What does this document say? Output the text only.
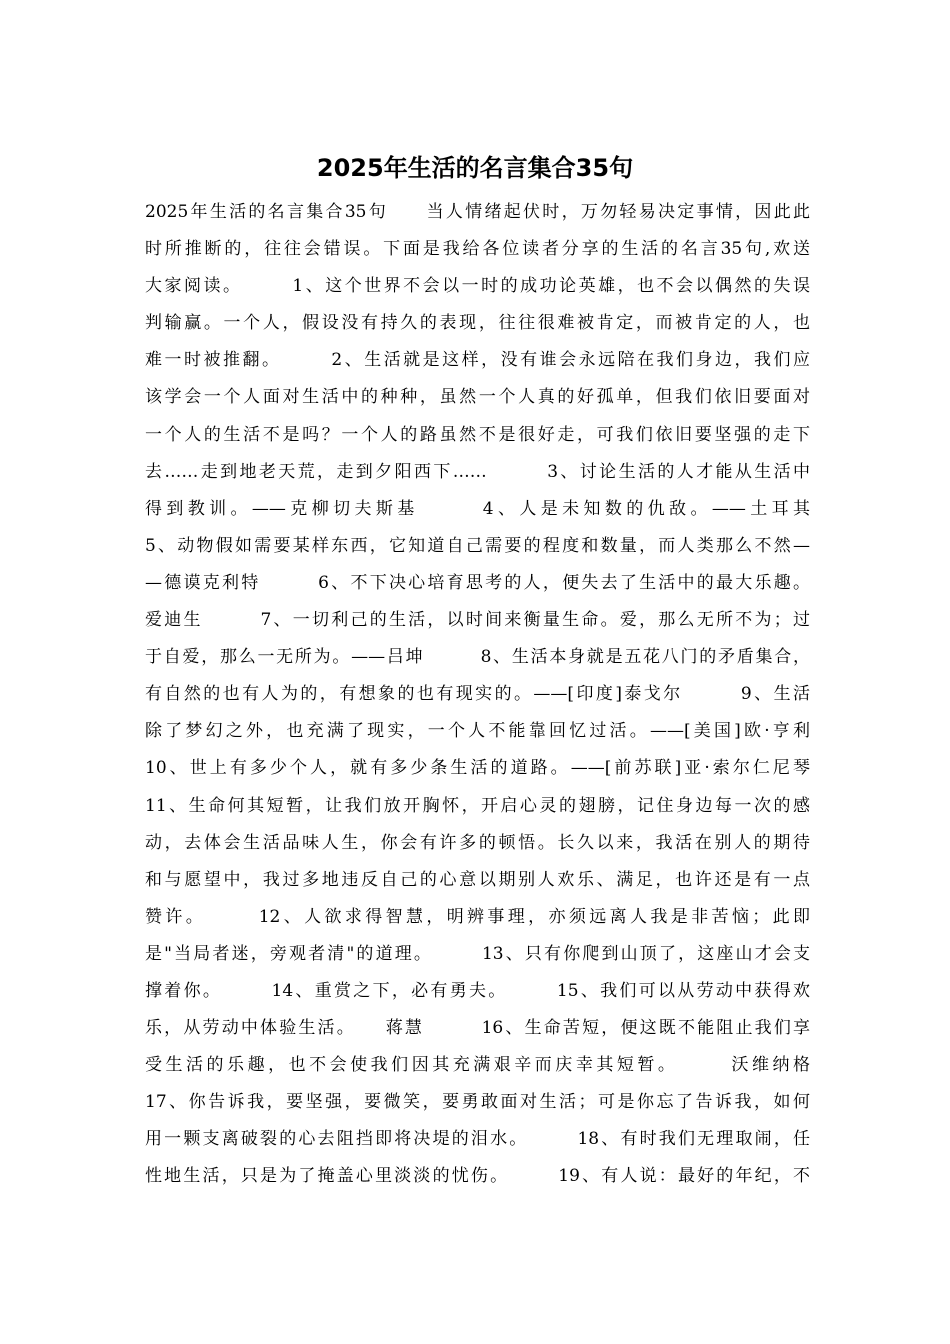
2025年生活的名言集合35句
2025年生活的名言集合35句　　当人情绪起伏时，万勿轻易决定事情，因此此
时所推断的，往往会错误。下面是我给各位读者分享的生活的名言35句,欢送
大家阅读。　　　1、这个世界不会以一时的成功论英雄，也不会以偶然的失误
判输赢。一个人，假设没有持久的表现，往往很难被肯定，而被肯定的人，也
难一时被推翻。　　　2、生活就是这样，没有谁会永远陪在我们身边，我们应
该学会一个人面对生活中的种种，虽然一个人真的好孤单，但我们依旧要面对
一个人的生活不是吗？一个人的路虽然不是很好走，可我们依旧要坚强的走下
去……走到地老天荒，走到夕阳西下……　　　3、讨论生活的人才能从生活中
得到教训。——克柳切夫斯基　　　4、人是未知数的仇敌。——土耳其
5、动物假如需要某样东西，它知道自己需要的程度和数量，而人类那么不然—
—德谟克利特　　　6、不下决心培育思考的人，便失去了生活中的最大乐趣。
爱迪生　　　7、一切利己的生活，以时间来衡量生命。爱，那么无所不为；过
于自爱，那么一无所为。——吕坤　　　8、生活本身就是五花八门的矛盾集合，
有自然的也有人为的，有想象的也有现实的。——[印度]泰戈尔　　　9、生活
除了梦幻之外，也充满了现实，一个人不能靠回忆过活。——[美国]欧·亨利
10、世上有多少个人，就有多少条生活的道路。——[前苏联]亚·索尔仁尼琴
11、生命何其短暂，让我们放开胸怀，开启心灵的翅膀，记住身边每一次的感
动，去体会生活品味人生，你会有许多的顿悟。长久以来，我活在别人的期待
和与愿望中，我过多地违反自己的心意以期别人欢乐、满足，也许还是有一点
赞许。　　　12、人欲求得智慧，明辨事理，亦须远离人我是非苦恼；此即
是"当局者迷，旁观者清"的道理。　　　13、只有你爬到山顶了，这座山才会支
撑着你。　　　14、重赏之下，必有勇夫。　　　15、我们可以从劳动中获得欢
乐，从劳动中体验生活。　　蒋慧　　　16、生命苦短，便这既不能阻止我们享
受生活的乐趣，也不会使我们因其充满艰辛而庆幸其短暂。　　　沃维纳格
17、你告诉我，要坚强，要微笑，要勇敢面对生活；可是你忘了告诉我，如何
用一颗支离破裂的心去阻挡即将决堤的泪水。　　　18、有时我们无理取闹，任
性地生活，只是为了掩盖心里淡淡的忧伤。　　　19、有人说：最好的年纪，不
